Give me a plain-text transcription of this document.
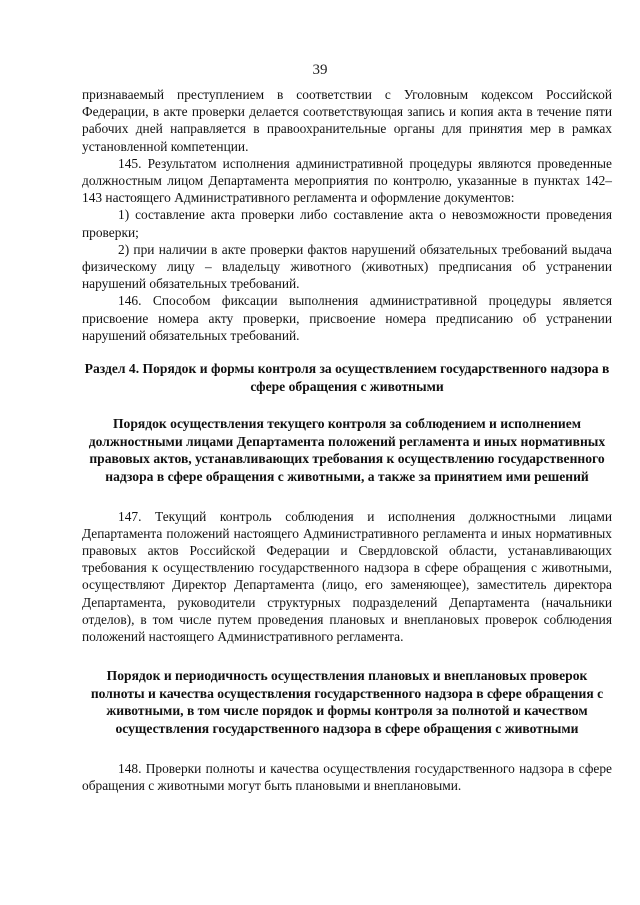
39

признаваемый преступлением в соответствии с Уголовным кодексом Российской Федерации, в акте проверки делается соответствующая запись и копия акта в течение пяти рабочих дней направляется в правоохранительные органы для принятия мер в рамках установленной компетенции.

145. Результатом исполнения административной процедуры являются проведенные должностным лицом Департамента мероприятия по контролю, указанные в пунктах 142–143 настоящего Административного регламента и оформление документов:

1) составление акта проверки либо составление акта о невозможности проведения проверки;

2) при наличии в акте проверки фактов нарушений обязательных требований выдача физическому лицу – владельцу животного (животных) предписания об устранении нарушений обязательных требований.

146. Способом фиксации выполнения административной процедуры является присвоение номера акту проверки, присвоение номера предписанию об устранении нарушений обязательных требований.

Раздел 4. Порядок и формы контроля за осуществлением государственного надзора в сфере обращения с животными
Порядок осуществления текущего контроля за соблюдением и исполнением должностными лицами Департамента положений регламента и иных нормативных правовых актов, устанавливающих требования к осуществлению государственного надзора в сфере обращения с животными, а также за принятием ими решений

147. Текущий контроль соблюдения и исполнения должностными лицами Департамента положений настоящего Административного регламента и иных нормативных правовых актов Российской Федерации и Свердловской области, устанавливающих требования к осуществлению государственного надзора в сфере обращения с животными, осуществляют Директор Департамента (лицо, его заменяющее), заместитель директора Департамента, руководители структурных подразделений Департамента (начальники отделов), в том числе путем проведения плановых и внеплановых проверок соблюдения положений настоящего Административного регламента.

Порядок и периодичность осуществления плановых и внеплановых проверок полноты и качества осуществления государственного надзора в сфере обращения с животными, в том числе порядок и формы контроля за полнотой и качеством осуществления государственного надзора в сфере обращения с животными

148. Проверки полноты и качества осуществления государственного надзора в сфере обращения с животными могут быть плановыми и внеплановыми.
